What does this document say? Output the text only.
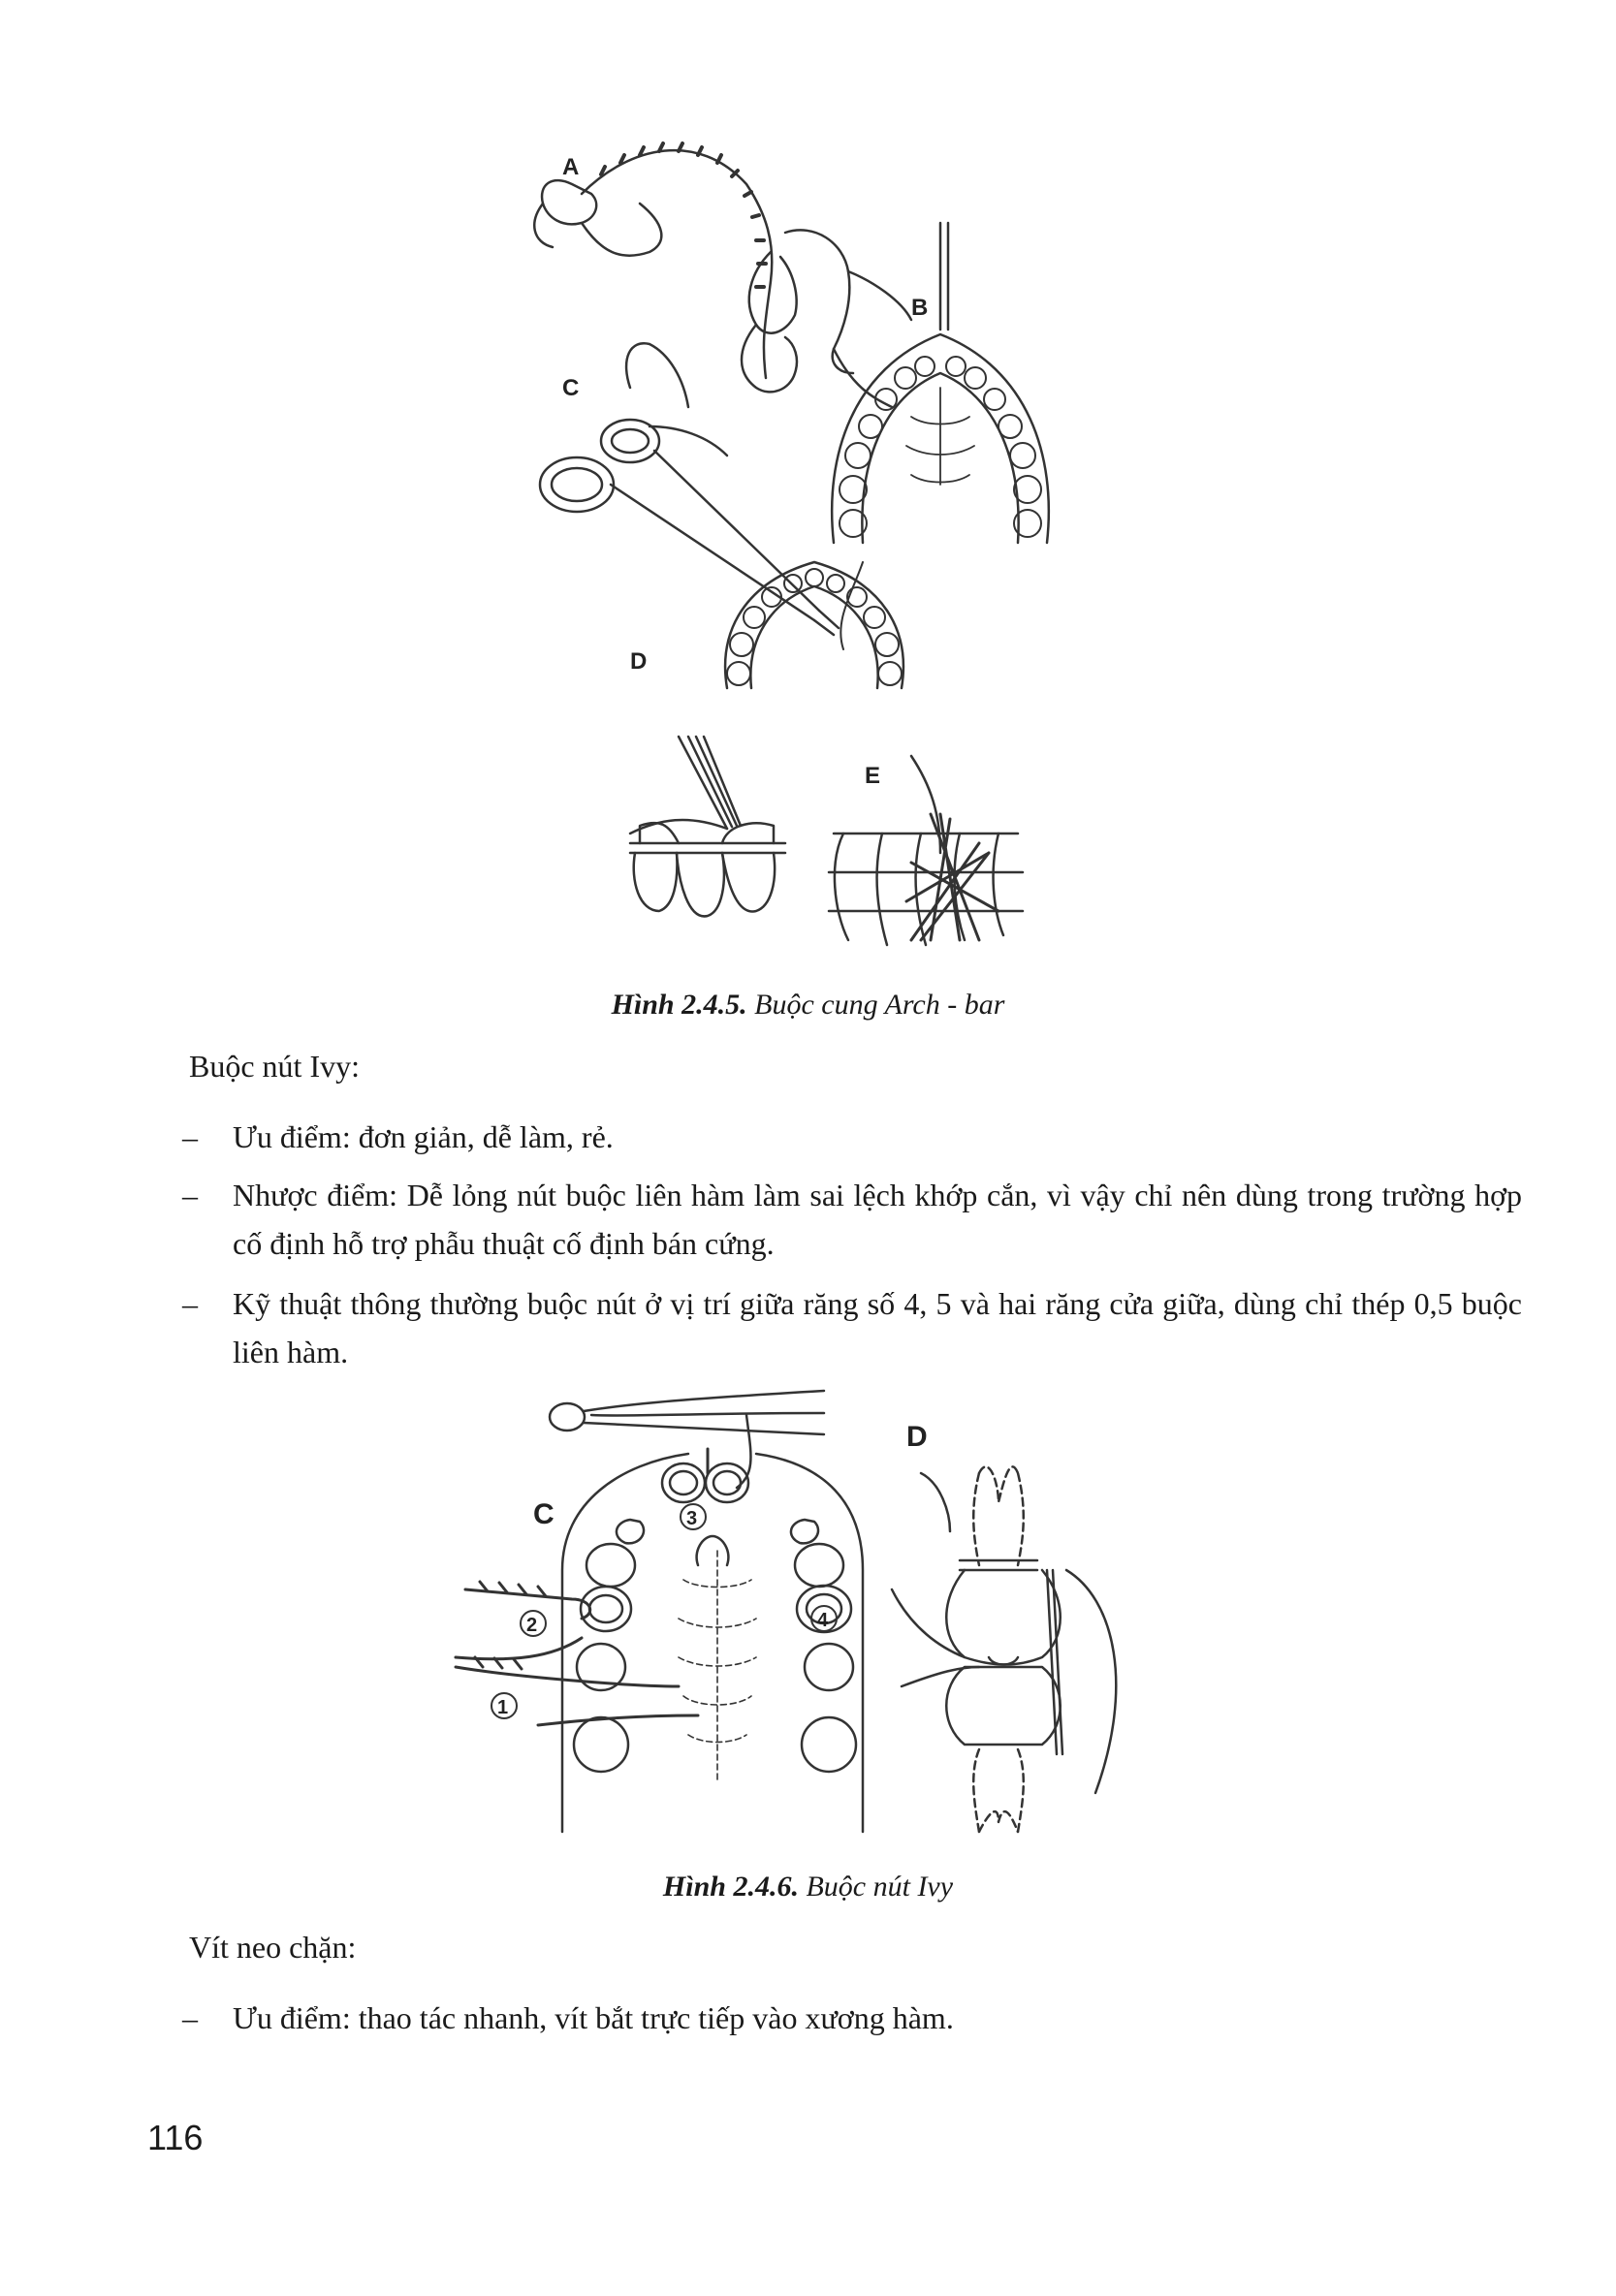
A
B
C
D
E
Hình 2.4.5. Buộc cung Arch - bar
Buộc nút Ivy:
– Ưu điểm: đơn giản, dễ làm, rẻ.
– Nhược điểm: Dễ lỏng nút buộc liên hàm làm sai lệch khớp cắn, vì vậy chỉ nên dùng trong trường hợp cố định hỗ trợ phẫu thuật cố định bán cứng.
– Kỹ thuật thông thường buộc nút ở vị trí giữa răng số 4, 5 và hai răng cửa giữa, dùng chỉ thép 0,5 buộc liên hàm.
C
1
2
3
4
D
Hình 2.4.6. Buộc nút Ivy
Vít neo chặn:
– Ưu điểm: thao tác nhanh, vít bắt trực tiếp vào xương hàm.
116
